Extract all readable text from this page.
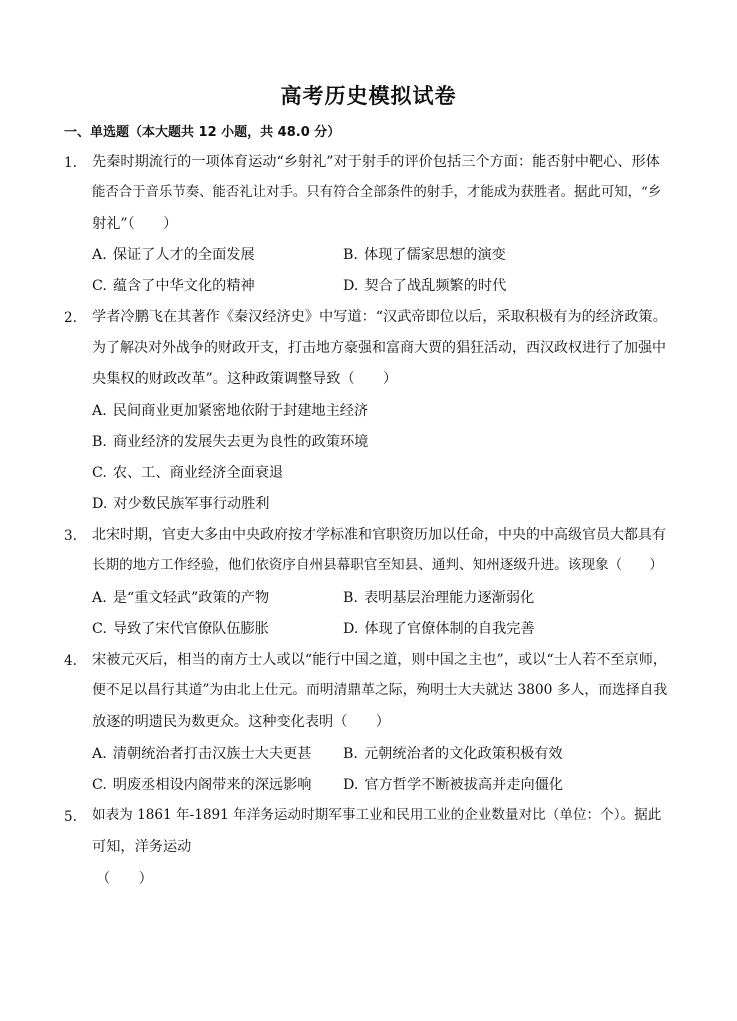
高考历史模拟试卷
一、单选题（本大题共 12 小题，共 48.0 分）
1. 先秦时期流行的一项体育运动“乡射礼”对于射手的评价包括三个方面：能否射中靶心、形体
能否合于音乐节奏、能否礼让对手。只有符合全部条件的射手，才能成为获胜者。据此可知，“乡
射礼”（　　）
A. 保证了人才的全面发展	B. 体现了儒家思想的演变
C. 蕴含了中华文化的精神	D. 契合了战乱频繁的时代
2. 学者冷鹏飞在其著作《秦汉经济史》中写道：“汉武帝即位以后，采取积极有为的经济政策。
为了解决对外战争的财政开支，打击地方豪强和富商大贾的猖狂活动，西汉政权进行了加强中
央集权的财政改革”。这种政策调整导致（　　）
A. 民间商业更加紧密地依附于封建地主经济
B. 商业经济的发展失去更为良性的政策环境
C. 农、工、商业经济全面衰退
D. 对少数民族军事行动胜利
3. 北宋时期，官吏大多由中央政府按才学标准和官职资历加以任命，中央的中高级官员大都具有
长期的地方工作经验，他们依资序自州县幕职官至知县、通判、知州逐级升进。该现象（　　）
A. 是“重文轻武”政策的产物	B. 表明基层治理能力逐渐弱化
C. 导致了宋代官僚队伍膨胀	D. 体现了官僚体制的自我完善
4. 宋被元灭后，相当的南方士人或以“能行中国之道，则中国之主也”，或以“士人若不至京师，
便不足以昌行其道”为由北上仕元。而明清鼎革之际，殉明士大夫就达 3800 多人，而选择自我
放逐的明遗民为数更众。这种变化表明（　　）
A. 清朝统治者打击汉族士大夫更甚 B. 元朝统治者的文化政策积极有效
C. 明废丞相设内阁带来的深远影响 D. 官方哲学不断被拔高并走向僵化
5. 如表为 1861 年-1891 年洋务运动时期军事工业和民用工业的企业数量对比（单位：个）。据此
可知，洋务运动
（　　）
